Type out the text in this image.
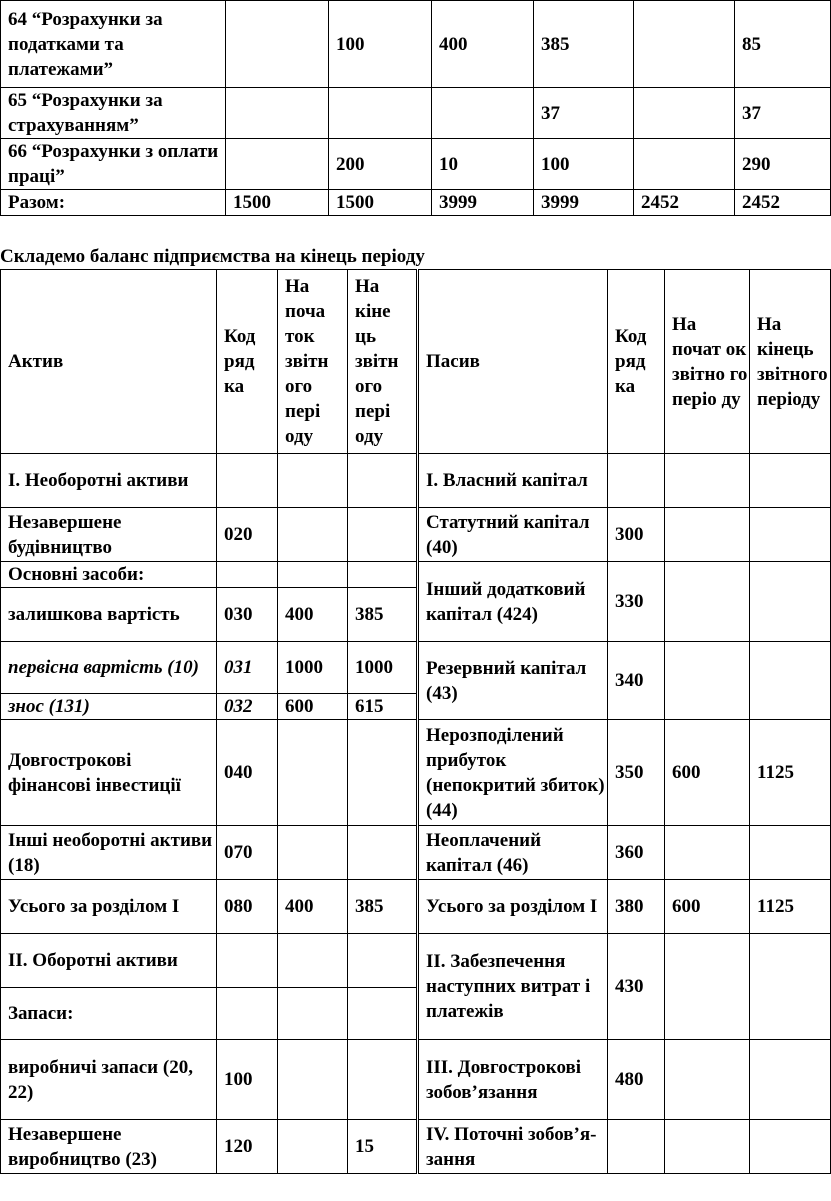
64 “Розрахунки за податками та платежами”		100	400	385		85
65 “Розрахунки за страхуванням”				37		37
66 “Розрахунки з оплати праці”		200	10	100		290
Разом:	1500	1500	3999	3999	2452	2452
Складемо баланс підприємства на кінець періоду
Актив	Код ряд ка	На поча ток звітн ого пері оду	На кіне ць звітн ого пері оду	Пасив	Код ряд ка	На почат ок звітно го періо ду	На кінець звітного періоду
I. Необоротні активи				I. Власний капітал			
Незавершене будівництво	020			Статутний капітал (40)	300		
Основні засоби:				Інший додатковий капітал (424)	330		
залишкова вартість	030	400	385				
первісна вартість (10)	031	1000	1000	Резервний капітал (43)	340		
знос (131)	032	600	615				
Довгострокові фінансові інвестиції	040			Нерозподілений прибуток (непокритий збиток) (44)	350	600	1125
Інші необоротні активи (18)	070			Неоплачений капітал (46)	360		
Усього за розділом I	080	400	385	Усього за розділом I	380	600	1125
II. Оборотні активи				II. Забезпечення наступних витрат і платежів	430		
Запаси:							
виробничі запаси (20, 22)	100			III. Довгострокові зобов’язання	480		
Незавершене виробництво (23)	120		15	IV. Поточні зобов’я-зання			
